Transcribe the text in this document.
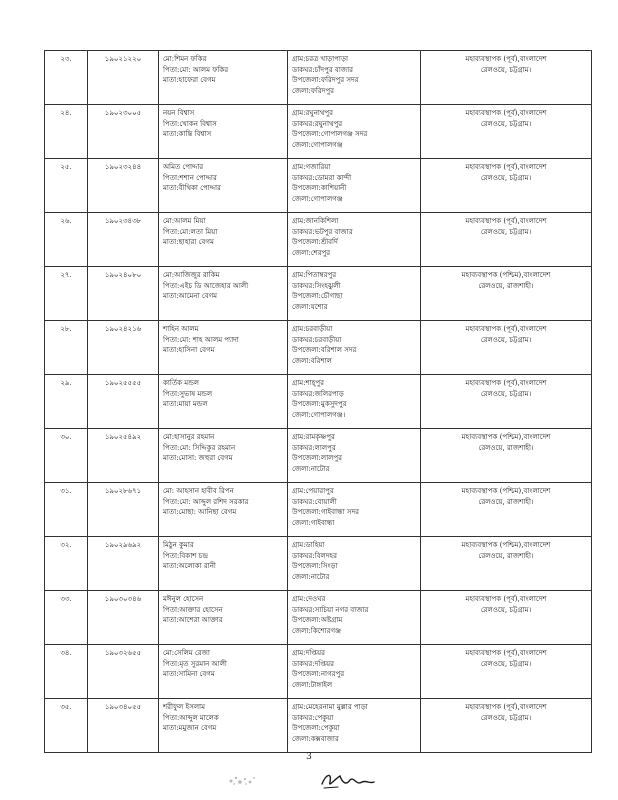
২৩.	১৯০২১২২০	মো:শিমন ফকির
পিতা:মো: আলম ফকির
মাতা:হাফেরা বেগম	গ্রাম:চরত্র খাড়াপাড়া
ডাকঘর:চাঁদপুর বাজার
উপজেলা:ফরিদপুর সদর
জেলা:ফরিদপুর	মহাব্যবস্থাপক (পূর্ব),বাংলাদেশ
রেলওয়ে, চট্টগ্রাম।

২৪.	১৯০২৩০০৫	নয়ন বিশ্বাস
পিতা:খোকন বিশ্বাস
মাতা:কান্তি বিশ্বাস	গ্রাম:রঘুনাথপুর
ডাকঘর:রঘুনাথপুর
উপজেলা:গোপালগঞ্জ সদর
জেলা:গোপালগঞ্জ	মহাব্যবস্থাপক (পূর্ব),বাংলাদেশ
রেলওয়ে, চট্টগ্রাম।

২৫.	১৯০২৩২৪৪	অমিত পোদ্দার
পিতা:শশান পোদ্দার
মাতা:বীথিকা পোদ্দার	গ্রাম:গজারিয়া
ডাকঘর:ডোমরা কান্দী
উপজেলা:কাশিয়ানী
জেলা:গোপালগঞ্জ	মহাব্যবস্থাপক (পূর্ব),বাংলাদেশ
রেলওয়ে, চট্টগ্রাম।

২৬.	১৯০২৩৪৩৮	মো:আলম মিয়া
পিতা:মো:লতা মিয়া
মাতা:ছাহারা বেগম	গ্রাম:জানকিশিলা
ডাকঘর:ভটপুর বাজার
উপজেলা:শ্রীবর্দি
জেলা:শেরপুর	মহাব্যবস্থাপক (পূর্ব),বাংলাদেশ
রেলওয়ে, চট্টগ্রাম।

২৭.	১৯০২৪০৮০	মো:আজিজুর রাকিম
পিতা:এইচ ডি আজেহার আলী
মাতা:আমেনা বেগম	গ্রাম:পিতাম্বরপুর
ডাকঘর:সিংহঝুলী
উপজেলা:চৌগাছা
জেলা:যশোর	মহাব্যবস্থাপক (পশ্চিম),বাংলাদেশ
রেলওয়ে, রাজশাহী।

২৮.	১৯০২৪২১৬	শাহিন আলম
পিতা:মো: শাহ আলম প্যাদা
মাতা:হাসিনা বেগম	গ্রাম:চরবাড়ীয়া
ডাকঘর:চরবাড়ীয়া
উপজেলা:বরিশাল সদর
জেলা:বরিশাল	মহাব্যবস্থাপক (পূর্ব),বাংলাদেশ
রেলওয়ে, চট্টগ্রাম।

২৯.	১৯০২৫৫৫৫	কার্তিক মন্ডল
পিতা:সুভাষ মন্ডল
মাতা:মায়া মন্ডল	গ্রাম:শাহ্পুর
ডাকঘর:জলিরপাড়
উপজেলা:মুকসুদপুর
জেলা:গোপালগঞ্জ।	মহাব্যবস্থাপক (পূর্ব),বাংলাদেশ
রেলওয়ে, চট্টগ্রাম।

৩০.	১৯০২৫৪৯২	মো:হাসানুর রহমান
পিতা:মো: সিদ্দিকুর রহমান
মাতা:মোসা: জহুরা বেগম	গ্রাম:রামকৃষ্ণপুর
ডাকঘর:লালপুর
উপজেলা:লালপুর
জেলা:নাটোর	মহাব্যবস্থাপক (পশ্চিম),বাংলাদেশ
রেলওয়ে, রাজশাহী।

৩১.	১৯০২৮৬৭১	মো: আহসান হাবীব রিপন
পিতা:মো: আব্দুল রশিদ সরকার
মাতা:মোছা: আনিছা বেগম	গ্রাম:পেয়ারাপুর
ডাকঘর:বোয়ালী
উপজেলা:গাইবান্ধা সদর
জেলা:গাইবান্ধা	মহাব্যবস্থাপক (পশ্চিম),বাংলাদেশ
রেলওয়ে, রাজশাহী।

৩২.	১৯০২৯৬৯২	মিঠুন কুমার
পিতা:বিকাশ চন্দ্র
মাতা:অলোকা রানী	গ্রাম:ডাহিয়া
ডাকঘর:বিলদহর
উপজেলা:সিংড়া
জেলা:নাটোর	মহাব্যবস্থাপক (পশ্চিম),বাংলাদেশ
রেলওয়ে, রাজশাহী।

৩৩.	১৯০৩০৩৪৬	মঈনুল হোসেন
পিতা:আক্তার হোসেন
মাতা:আশেরা আক্তার	গ্রাম:দেওঘর
ডাকঘর:সাচিয়া নগর বাজার
উপজেলা:অষ্টগ্রাম
জেলা:কিশোরগঞ্জ	মহাব্যবস্থাপক (পূর্ব),বাংলাদেশ
রেলওয়ে, চট্টগ্রাম।

৩৪.	১৯০৩২৬৫৫	মো:সেলিম রেজা
পিতা:মৃত সুরমান আলী
মাতা:সামিনা বেগম	গ্রাম:দপ্তিয়র
ডাকঘর:দপ্তিয়র
উপজেলা:নাগরপুর
জেলা:টাঙ্গাইল	মহাব্যবস্থাপক (পূর্ব),বাংলাদেশ
রেলওয়ে, চট্টগ্রাম।

৩৫.	১৯০৩৪০৫৫	শরীফুল ইসলাম
পিতা:আব্দুল মালেক
মাতা:মমুজান বেগম	গ্রাম:মেহেরনামা মুল্লার পাড়া
ডাকঘর:পেকুয়া
উপজেলা:পেকুয়া
জেলা:কক্সবাজার	মহাব্যবস্থাপক (পূর্ব),বাংলাদেশ
রেলওয়ে, চট্টগ্রাম।
3
